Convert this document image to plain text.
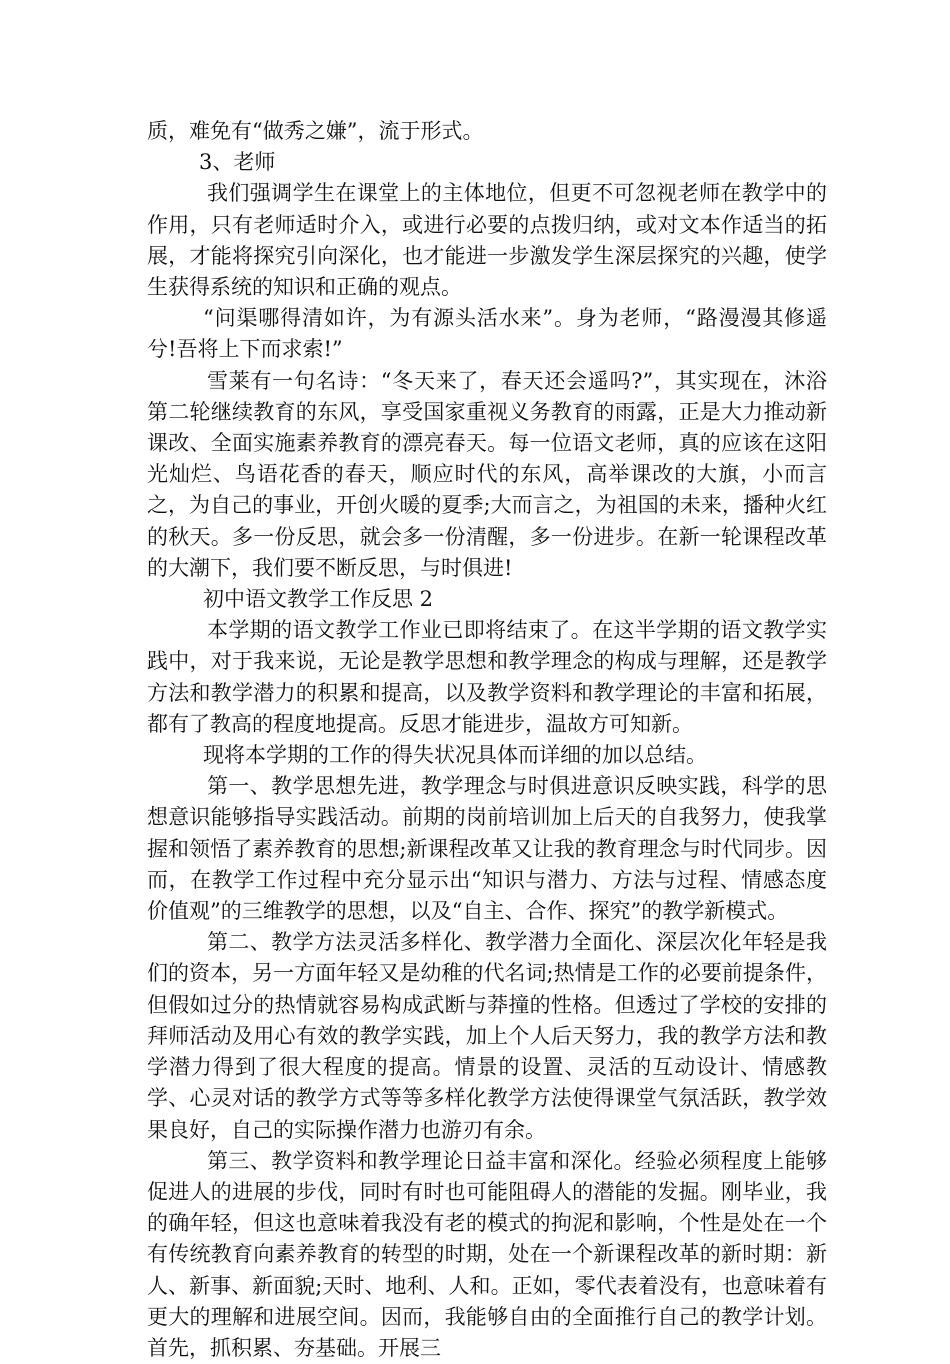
质，难免有“做秀之嫌”，流于形式。

3、老师

我们强调学生在课堂上的主体地位，但更不可忽视老师在教学中的作用，只有老师适时介入，或进行必要的点拨归纳，或对文本作适当的拓展，才能将探究引向深化，也才能进一步激发学生深层探究的兴趣，使学生获得系统的知识和正确的观点。

“问渠哪得清如许，为有源头活水来”。身为老师，“路漫漫其修遥兮!吾将上下而求索!”

雪莱有一句名诗：“冬天来了，春天还会遥吗?”，其实现在，沐浴第二轮继续教育的东风，享受国家重视义务教育的雨露，正是大力推动新课改、全面实施素养教育的漂亮春天。每一位语文老师，真的应该在这阳光灿烂、鸟语花香的春天，顺应时代的东风，高举课改的大旗，小而言之，为自己的事业，开创火暖的夏季;大而言之，为祖国的未来，播种火红的秋天。多一份反思，就会多一份清醒，多一份进步。在新一轮课程改革的大潮下，我们要不断反思，与时俱进!

初中语文教学工作反思 2

本学期的语文教学工作业已即将结束了。在这半学期的语文教学实践中，对于我来说，无论是教学思想和教学理念的构成与理解，还是教学方法和教学潜力的积累和提高，以及教学资料和教学理论的丰富和拓展，都有了教高的程度地提高。反思才能进步，温故方可知新。

现将本学期的工作的得失状况具体而详细的加以总结。

第一、教学思想先进，教学理念与时俱进意识反映实践，科学的思想意识能够指导实践活动。前期的岗前培训加上后天的自我努力，使我掌握和领悟了素养教育的思想;新课程改革又让我的教育理念与时代同步。因而，在教学工作过程中充分显示出“知识与潜力、方法与过程、情感态度价值观”的三维教学的思想，以及“自主、合作、探究”的教学新模式。

第二、教学方法灵活多样化、教学潜力全面化、深层次化年轻是我们的资本，另一方面年轻又是幼稚的代名词;热情是工作的必要前提条件，但假如过分的热情就容易构成武断与莽撞的性格。但透过了学校的安排的拜师活动及用心有效的教学实践，加上个人后天努力，我的教学方法和教学潜力得到了很大程度的提高。情景的设置、灵活的互动设计、情感教学、心灵对话的教学方式等等多样化教学方法使得课堂气氛活跃，教学效果良好，自己的实际操作潜力也游刃有余。

第三、教学资料和教学理论日益丰富和深化。经验必须程度上能够促进人的进展的步伐，同时有时也可能阻碍人的潜能的发掘。刚毕业，我的确年轻，但这也意味着我没有老的模式的拘泥和影响，个性是处在一个有传统教育向素养教育的转型的时期，处在一个新课程改革的新时期：新人、新事、新面貌;天时、地利、人和。正如，零代表着没有，也意味着有更大的理解和进展空间。因而，我能够自由的全面推行自己的教学计划。首先，抓积累、夯基础。开展三
